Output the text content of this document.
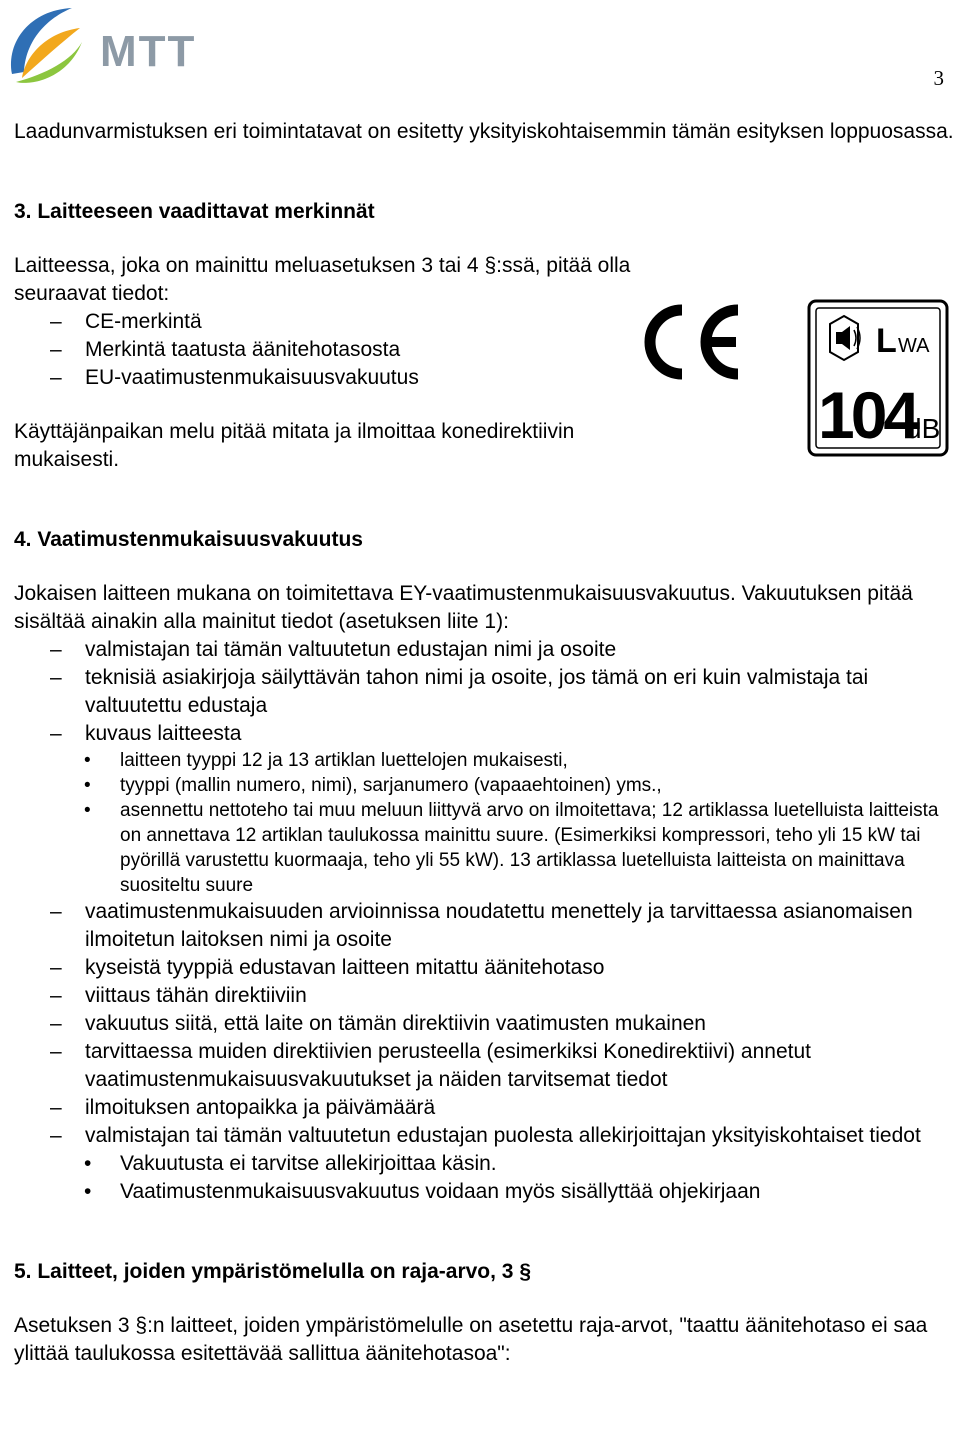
MTT
3
L WA
104
dB

Laadunvarmistuksen eri toimintatavat on esitetty yksityiskohtaisemmin tämän esityksen loppuosassa.

3. Laitteeseen vaadittavat merkinnät

Laitteessa, joka on mainittu meluasetuksen 3 tai 4 §:ssä, pitää olla seuraavat tiedot:

– CE-merkintä
– Merkintä taatusta äänitehotasosta
– EU-vaatimustenmukaisuusvakuutus

Käyttäjänpaikan melu pitää mitata ja ilmoittaa konedirektiivin mukaisesti.

4. Vaatimustenmukaisuusvakuutus

Jokaisen laitteen mukana on toimitettava EY-vaatimustenmukaisuusvakuutus. Vakuutuksen pitää sisältää ainakin alla mainitut tiedot (asetuksen liite 1):

– valmistajan tai tämän valtuutetun edustajan nimi ja osoite
– teknisiä asiakirjoja säilyttävän tahon nimi ja osoite, jos tämä on eri kuin valmistaja tai valtuutettu edustaja
– kuvaus laitteesta
• laitteen tyyppi 12 ja 13 artiklan luettelojen mukaisesti,
• tyyppi (mallin numero, nimi), sarjanumero (vapaaehtoinen) yms.,
• asennettu nettoteho tai muu meluun liittyvä arvo on ilmoitettava; 12 artiklassa luetelluista laitteista on annettava 12 artiklan taulukossa mainittu suure. (Esimerkiksi kompressori, teho yli 15 kW tai pyörillä varustettu kuormaaja, teho yli 55 kW). 13 artiklassa luetelluista laitteista on mainittava suositeltu suure
– vaatimustenmukaisuuden arvioinnissa noudatettu menettely ja tarvittaessa asianomaisen ilmoitetun laitoksen nimi ja osoite
– kyseistä tyyppiä edustavan laitteen mitattu äänitehotaso
– viittaus tähän direktiiviin
– vakuutus siitä, että laite on tämän direktiivin vaatimusten mukainen
– tarvittaessa muiden direktiivien perusteella (esimerkiksi Konedirektiivi) annetut vaatimustenmukaisuusvakuutukset ja näiden tarvitsemat tiedot
– ilmoituksen antopaikka ja päivämäärä
– valmistajan tai tämän valtuutetun edustajan puolesta allekirjoittajan yksityiskohtaiset tiedot
• Vakuutusta ei tarvitse allekirjoittaa käsin.
• Vaatimustenmukaisuusvakuutus voidaan myös sisällyttää ohjekirjaan
5. Laitteet, joiden ympäristömelulla on raja-arvo, 3 §

Asetuksen 3 §:n laitteet, joiden ympäristömelulle on asetettu raja-arvot, "taattu äänitehotaso ei saa ylittää taulukossa esitettävää sallittua äänitehotasoa":
